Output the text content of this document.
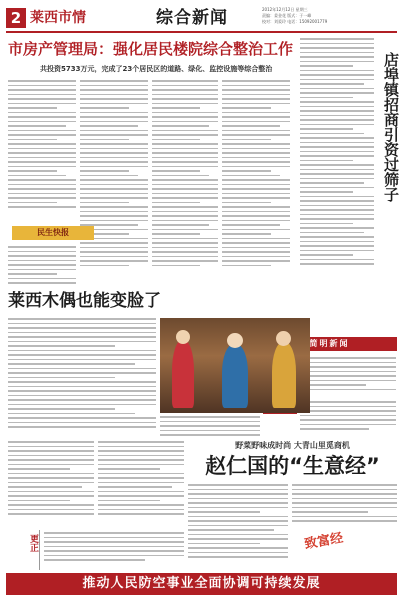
2 莱西市情	综合新闻	2012年12月12日 星期三
责编：姜金花 版式：于一峰
校对：刘爱玲 电话：15092001779
市房产管理局：强化居民楼院综合整治工作
共投资5733万元，完成了23个居民区的道路、绿化、监控设施等综合整治
民生快报
店埠镇招商引资过筛子
简明新闻
莱西木偶也能变脸了
更正
野菜野味成时尚 大青山里觅商机
赵仁国的“生意经”
致富经
推动人民防空事业全面协调可持续发展
